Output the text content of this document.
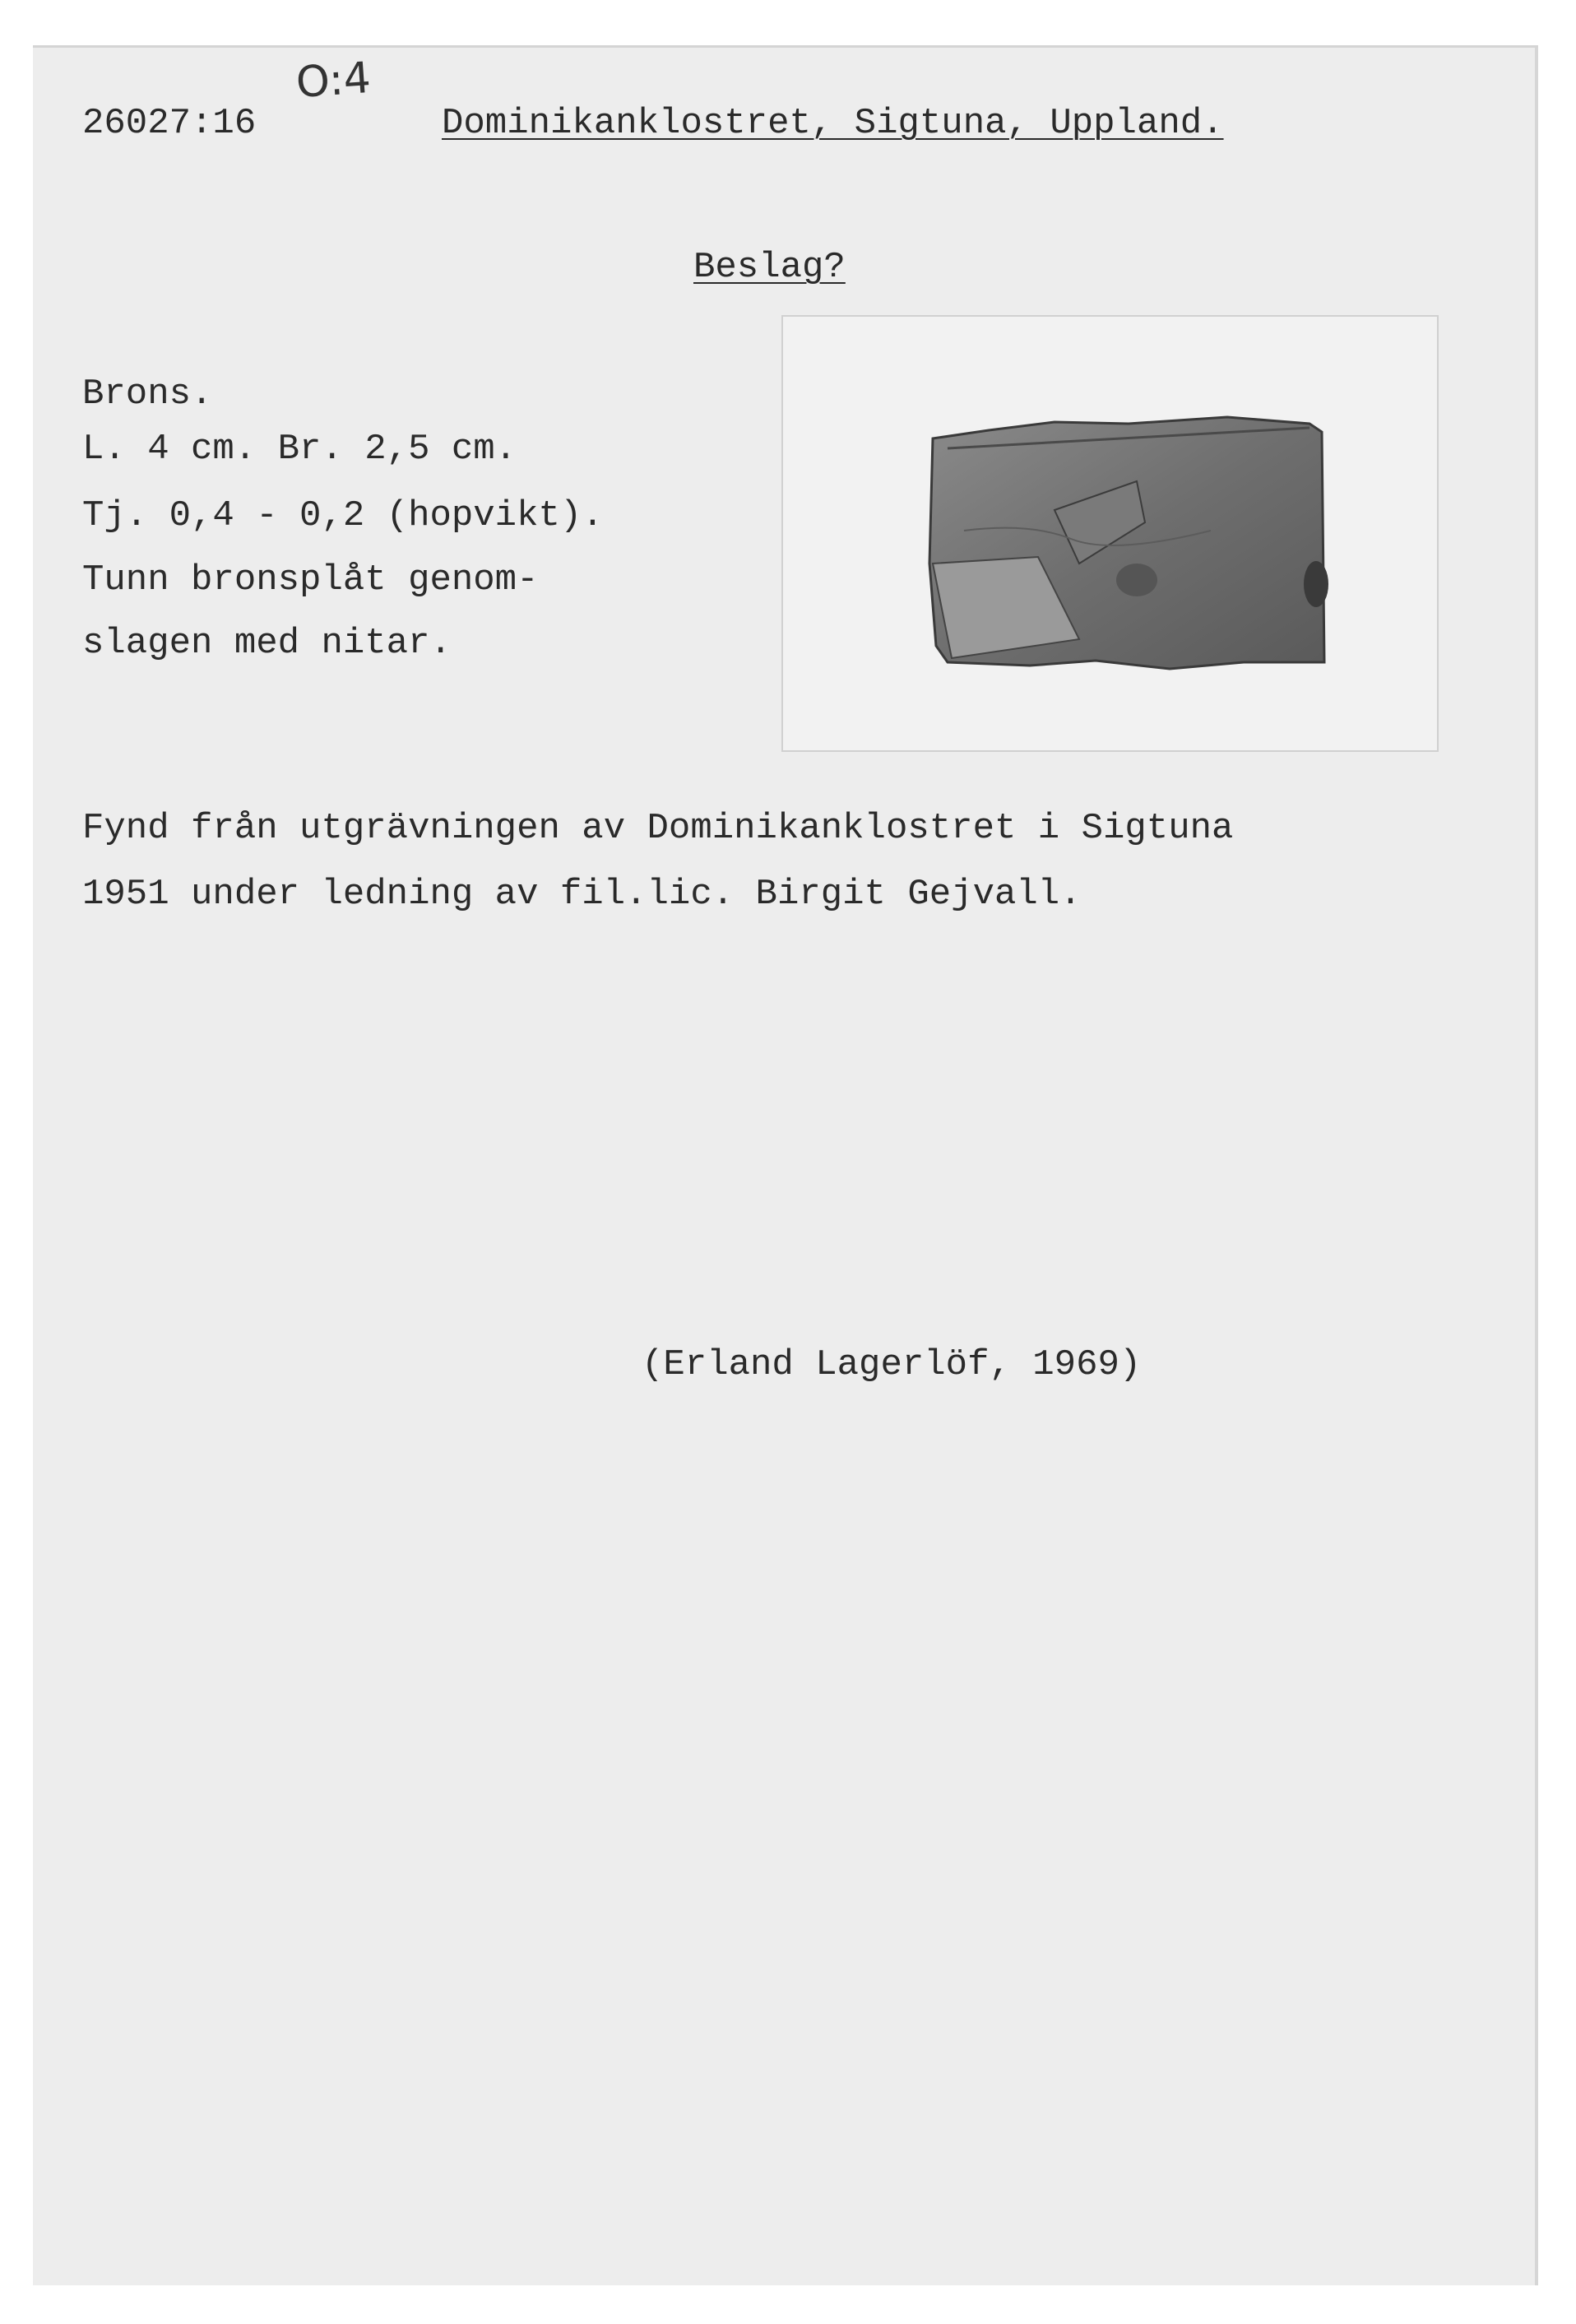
26027:16
O:4
Dominikanklostret, Sigtuna, Uppland.
Beslag?
Brons.
L. 4 cm. Br. 2,5 cm.
Tj. 0,4 - 0,2 (hopvikt).
Tunn bronsplåt genom-
slagen med nitar.
Fynd från utgrävningen av Dominikanklostret i Sigtuna
1951 under ledning av fil.lic. Birgit Gejvall.
(Erland Lagerlöf, 1969)
